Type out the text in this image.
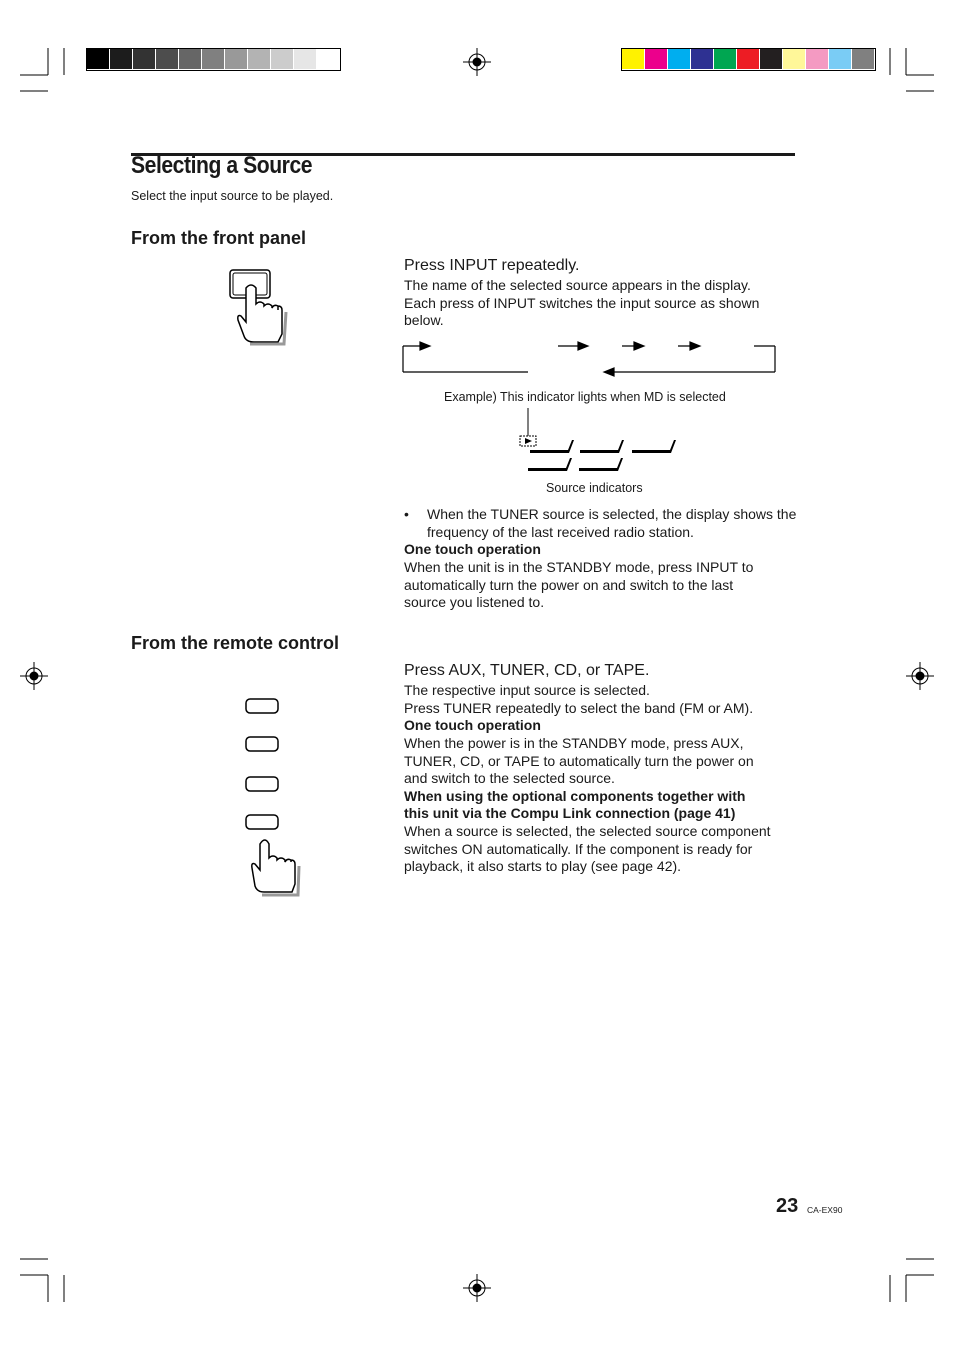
Selecting a Source
Select the input source to be played.
From the front panel
Press INPUT repeatedly.
The name of the selected source appears in the display.
Each press of INPUT switches the input source as shown
below.
Example) This indicator lights when MD is selected
Source indicators
• When the TUNER source is selected, the display shows the frequency of the last received radio station.
One touch operation
When the unit is in the STANDBY mode, press INPUT to
automatically turn the power on and switch to the last
source you listened to.
From the remote control
Press AUX, TUNER, CD, or TAPE.
The respective input source is selected.
Press TUNER repeatedly to select the band (FM or AM).
One touch operation
When the power is in the STANDBY mode, press AUX,
TUNER, CD, or TAPE to automatically turn the power on
and switch to the selected source.
When using the optional components together with
this unit via the Compu Link connection (page 41)
When a source is selected, the selected source component
switches ON automatically. If the component is ready for
playback, it also starts to play (see page 42).
23 CA-EX90
